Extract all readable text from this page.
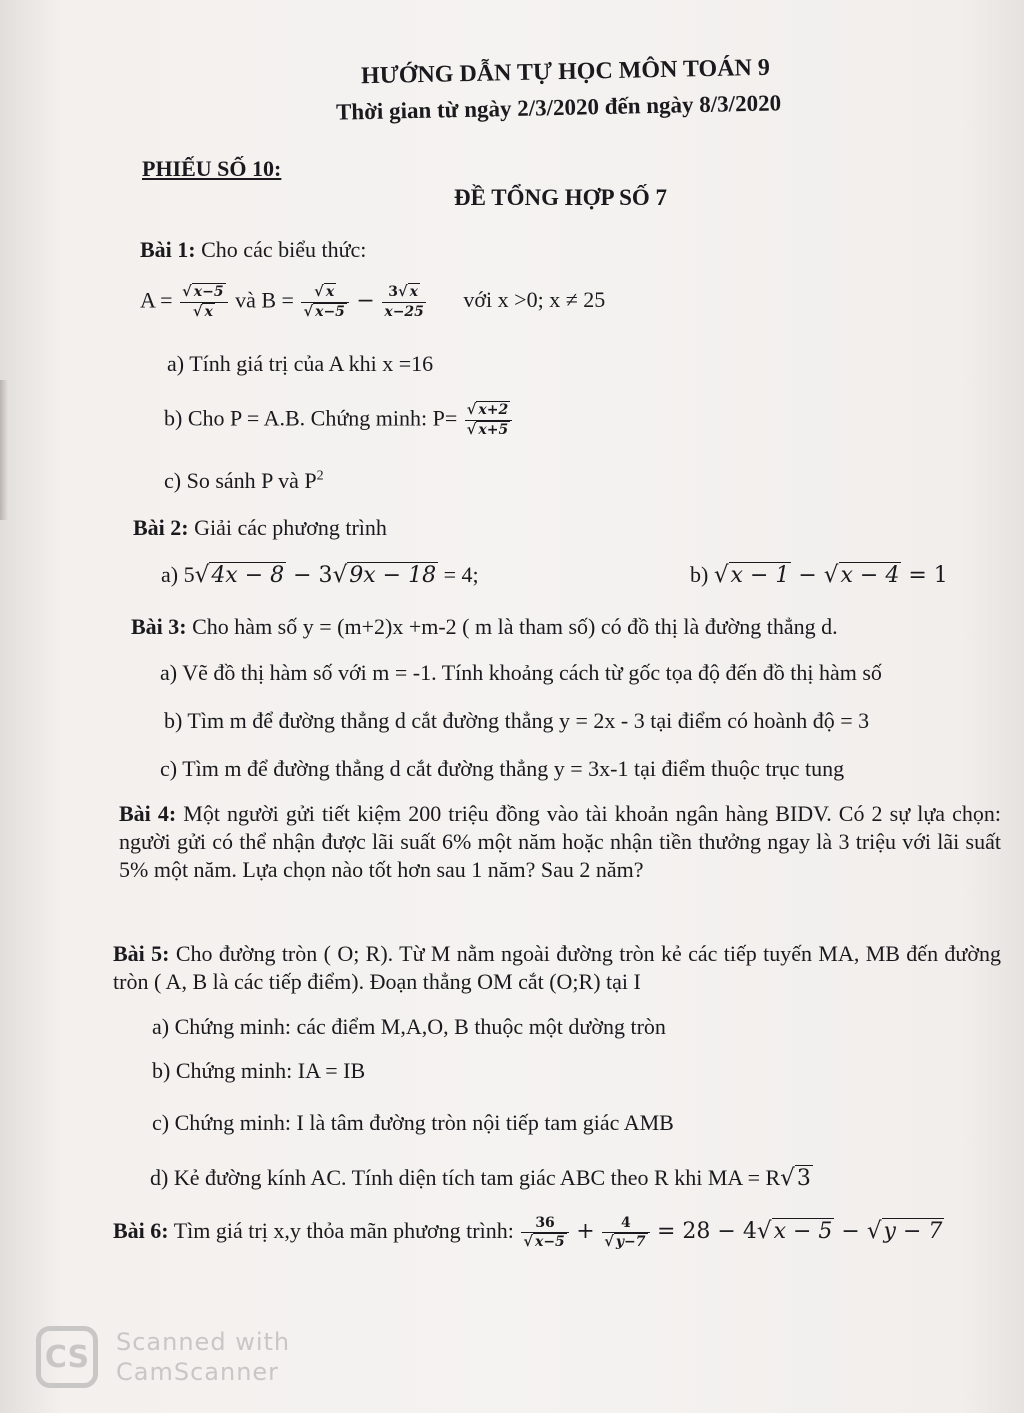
HƯỚNG DẪN TỰ HỌC MÔN TOÁN 9
Thời gian từ ngày 2/3/2020 đến ngày 8/3/2020
PHIẾU SỐ 10:
ĐỀ TỔNG HỢP SỐ 7
Bài 1: Cho các biểu thức:
$A = \frac{√ x-5}{√ x}$ và $B = \frac{√ x}{√ x-5} - \frac{3√ x}{x-25}$ với x >0; x ≠ 25
a) Tính giá trị của A khi x =16
b) Cho P = A.B. Chứng minh: $P= \frac{√ x+2}{√ x+5}$
c) So sánh P và $P^2$
Bài 2: Giải các phương trình
a) 5√4x − 8 − 3√9x − 18 = 4;	b) √x − 1 − √x − 4 = 1
Bài 3: Cho hàm số y = (m+2)x +m-2 ( m là tham số) có đồ thị là đường thẳng d.
a) Vẽ đồ thị hàm số với m = -1. Tính khoảng cách từ gốc tọa độ đến đồ thị hàm số
b) Tìm m để đường thẳng d cắt đường thẳng y = 2x - 3 tại điểm có hoành độ = 3
c) Tìm m để đường thẳng d cắt đường thẳng y = 3x-1 tại điểm thuộc trục tung
Bài 4: Một người gửi tiết kiệm 200 triệu đồng vào tài khoản ngân hàng BIDV. Có 2 sự lựa chọn: người gửi có thể nhận được lãi suất 6% một năm hoặc nhận tiền thưởng ngay là 3 triệu với lãi suất 5% một năm. Lựa chọn nào tốt hơn sau 1 năm? Sau 2 năm?
Bài 5: Cho đường tròn ( O; R). Từ M nằm ngoài đường tròn kẻ các tiếp tuyến MA, MB đến đường tròn ( A, B là các tiếp điểm). Đoạn thẳng OM cắt (O;R) tại I
a) Chứng minh: các điểm M,A,O, B thuộc một dường tròn
b) Chứng minh: IA = IB
c) Chứng minh: I là tâm đường tròn nội tiếp tam giác AMB
d) Kẻ đường kính AC. Tính diện tích tam giác ABC theo R khi MA = R√3
Bài 6: Tìm giá trị x,y thỏa mãn phương trình: $\frac{36}{√ x-5} + \frac{4}{√ y-7} = 28 - 4√x - 5 - √y - 7$
CS	Scanned with
CamScanner
